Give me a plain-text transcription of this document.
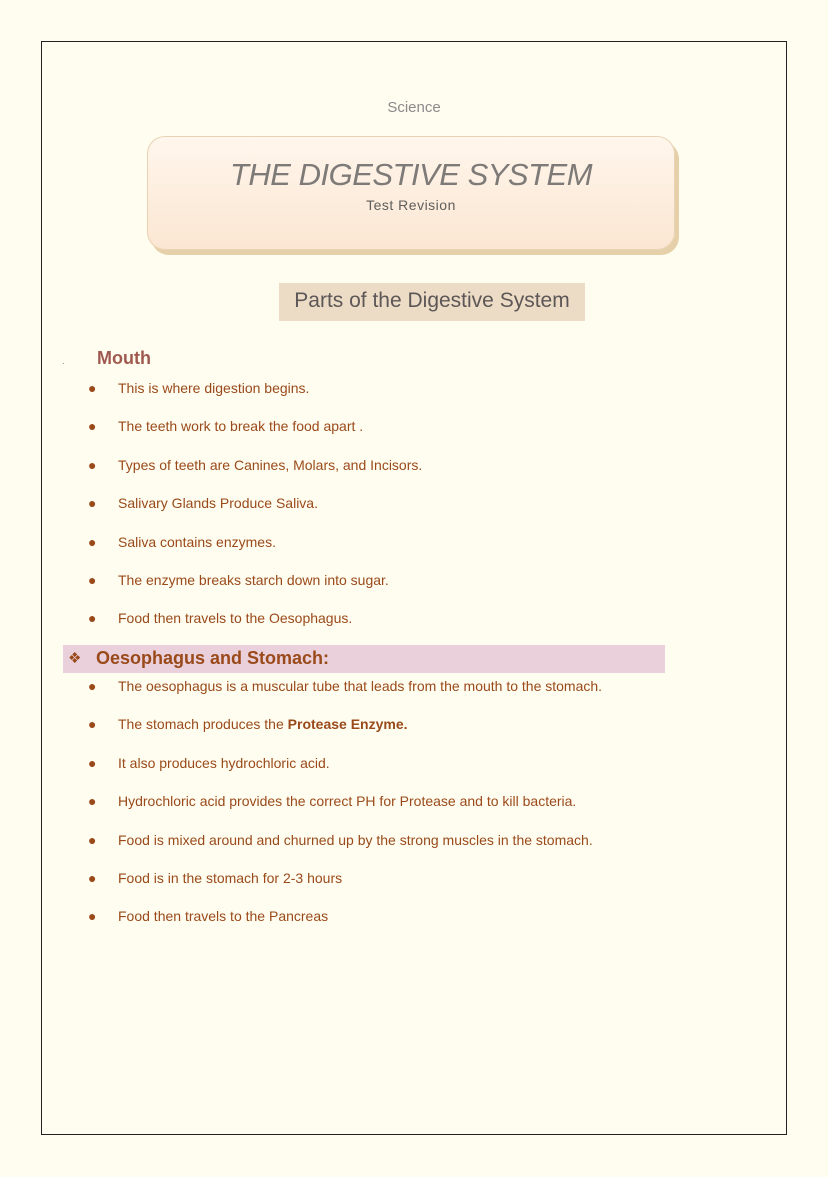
Science
THE DIGESTIVE SYSTEM
Test Revision
Parts of the Digestive System
. Mouth
● This is where digestion begins.
● The teeth work to break the food apart .
● Types of teeth are Canines, Molars, and Incisors.
● Salivary Glands Produce Saliva.
● Saliva contains enzymes.
● The enzyme breaks starch down into sugar.
● Food then travels to the Oesophagus.
❖ Oesophagus and Stomach:
● The oesophagus is a muscular tube that leads from the mouth to the stomach.
● The stomach produces the Protease Enzyme.
● It also produces hydrochloric acid.
● Hydrochloric acid provides the correct PH for Protease and to kill bacteria.
● Food is mixed around and churned up by the strong muscles in the stomach.
● Food is in the stomach for 2-3 hours
● Food then travels to the Pancreas
